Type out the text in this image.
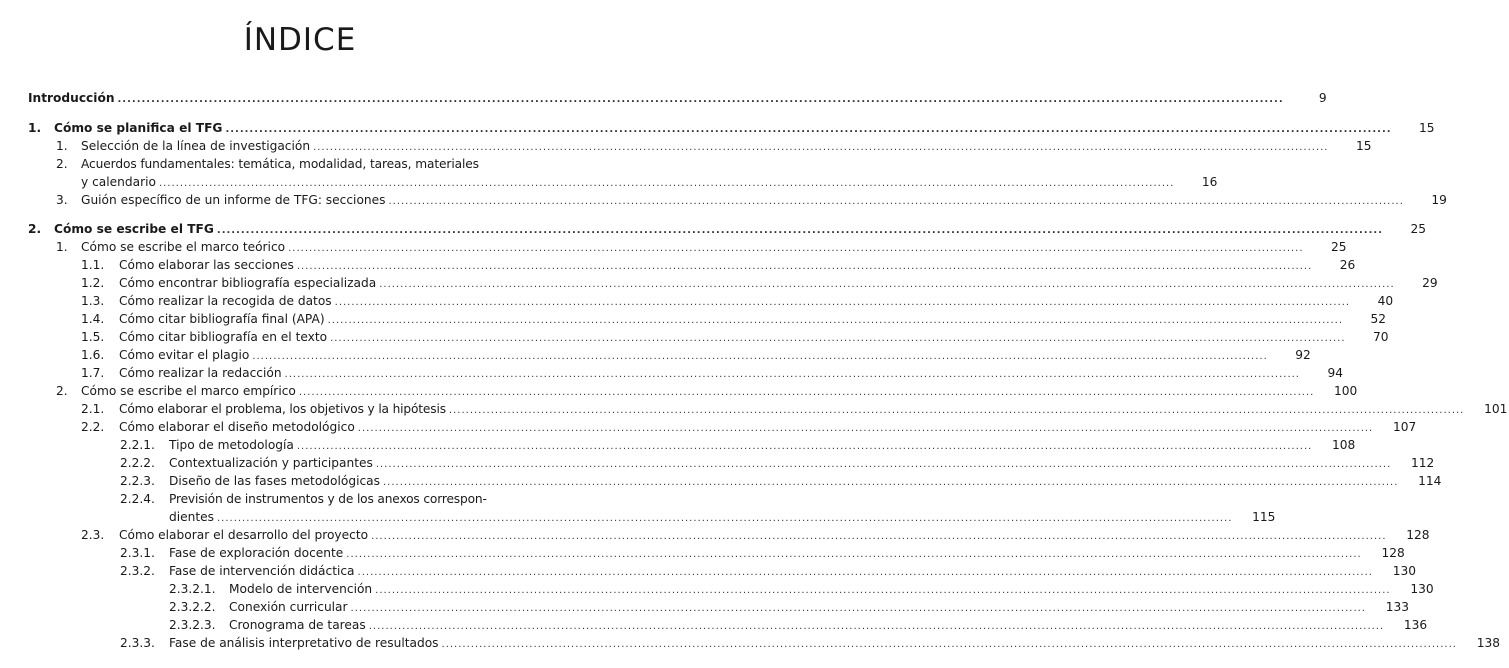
ÍNDICE
Introducción .....	9
1.	Cómo se planifica el TFG .....	15
1.	Selección de la línea de investigación .....	15
2.	Acuerdos fundamentales: temática, modalidad, tareas, materiales
y calendario .....	16
3.	Guión específico de un informe de TFG: secciones .....	19
2.	Cómo se escribe el TFG .....	25
1.	Cómo se escribe el marco teórico .....	25
1.1.	Cómo elaborar las secciones .....	26
1.2.	Cómo encontrar bibliografía especializada .....	29
1.3.	Cómo realizar la recogida de datos .....	40
1.4.	Cómo citar bibliografía final (APA) .....	52
1.5.	Cómo citar bibliografía en el texto .....	70
1.6.	Cómo evitar el plagio .....	92
1.7.	Cómo realizar la redacción .....	94
2.	Cómo se escribe el marco empírico .....	100
2.1.	Cómo elaborar el problema, los objetivos y la hipótesis .....	101
2.2.	Cómo elaborar el diseño metodológico .....	107
2.2.1.	Tipo de metodología .....	108
2.2.2.	Contextualización y participantes .....	112
2.2.3.	Diseño de las fases metodológicas .....	114
2.2.4.	Previsión de instrumentos y de los anexos correspon-
dientes .....	115
2.3.	Cómo elaborar el desarrollo del proyecto .....	128
2.3.1.	Fase de exploración docente .....	128
2.3.2.	Fase de intervención didáctica .....	130
2.3.2.1.	Modelo de intervención .....	130
2.3.2.2.	Conexión curricular .....	133
2.3.2.3.	Cronograma de tareas .....	136
2.3.3.	Fase de análisis interpretativo de resultados .....	138
